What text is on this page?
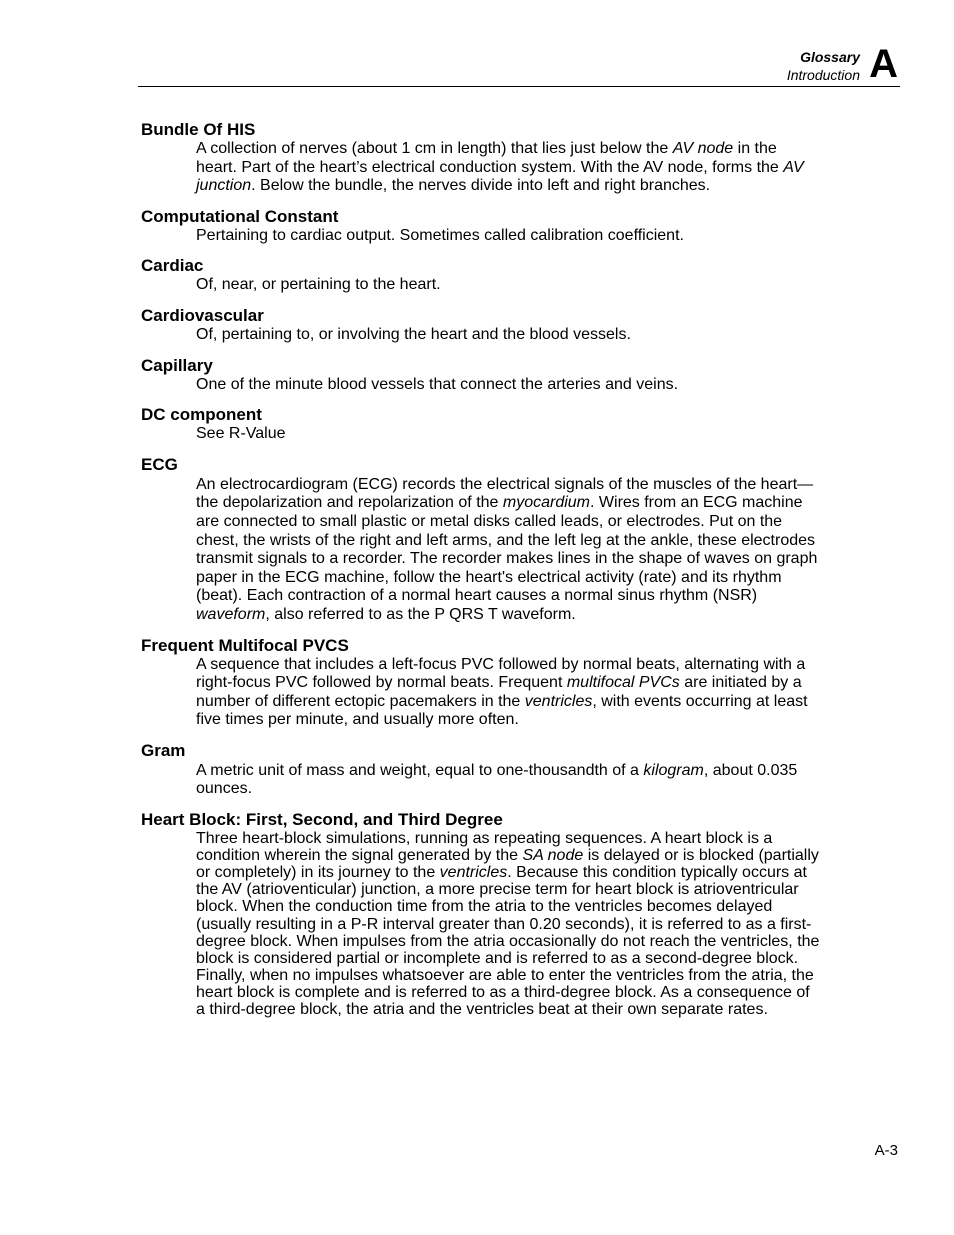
Glossary
Introduction A
Bundle Of HIS
A collection of nerves (about 1 cm in length) that lies just below the AV node in the heart. Part of the heart’s electrical conduction system. With the AV node, forms the AV junction. Below the bundle, the nerves divide into left and right branches.
Computational Constant
Pertaining to cardiac output. Sometimes called calibration coefficient.
Cardiac
Of, near, or pertaining to the heart.
Cardiovascular
Of, pertaining to, or involving the heart and the blood vessels.
Capillary
One of the minute blood vessels that connect the arteries and veins.
DC component
See R-Value
ECG
An electrocardiogram (ECG) records the electrical signals of the muscles of the heart—the depolarization and repolarization of the myocardium. Wires from an ECG machine are connected to small plastic or metal disks called leads, or electrodes. Put on the chest, the wrists of the right and left arms, and the left leg at the ankle, these electrodes transmit signals to a recorder. The recorder makes lines in the shape of waves on graph paper in the ECG machine, follow the heart's electrical activity (rate) and its rhythm (beat). Each contraction of a normal heart causes a normal sinus rhythm (NSR) waveform, also referred to as the P QRS T waveform.
Frequent Multifocal PVCS
A sequence that includes a left-focus PVC followed by normal beats, alternating with a right-focus PVC followed by normal beats. Frequent multifocal PVCs are initiated by a number of different ectopic pacemakers in the ventricles, with events occurring at least five times per minute, and usually more often.
Gram
A metric unit of mass and weight, equal to one-thousandth of a kilogram, about 0.035 ounces.
Heart Block: First, Second, and Third Degree
Three heart-block simulations, running as repeating sequences. A heart block is a condition wherein the signal generated by the SA node is delayed or is blocked (partially or completely) in its journey to the ventricles. Because this condition typically occurs at the AV (atrioventicular) junction, a more precise term for heart block is atrioventricular block. When the conduction time from the atria to the ventricles becomes delayed (usually resulting in a P-R interval greater than 0.20 seconds), it is referred to as a first-degree block. When impulses from the atria occasionally do not reach the ventricles, the block is considered partial or incomplete and is referred to as a second-degree block. Finally, when no impulses whatsoever are able to enter the ventricles from the atria, the heart block is complete and is referred to as a third-degree block. As a consequence of a third-degree block, the atria and the ventricles beat at their own separate rates.
A-3
